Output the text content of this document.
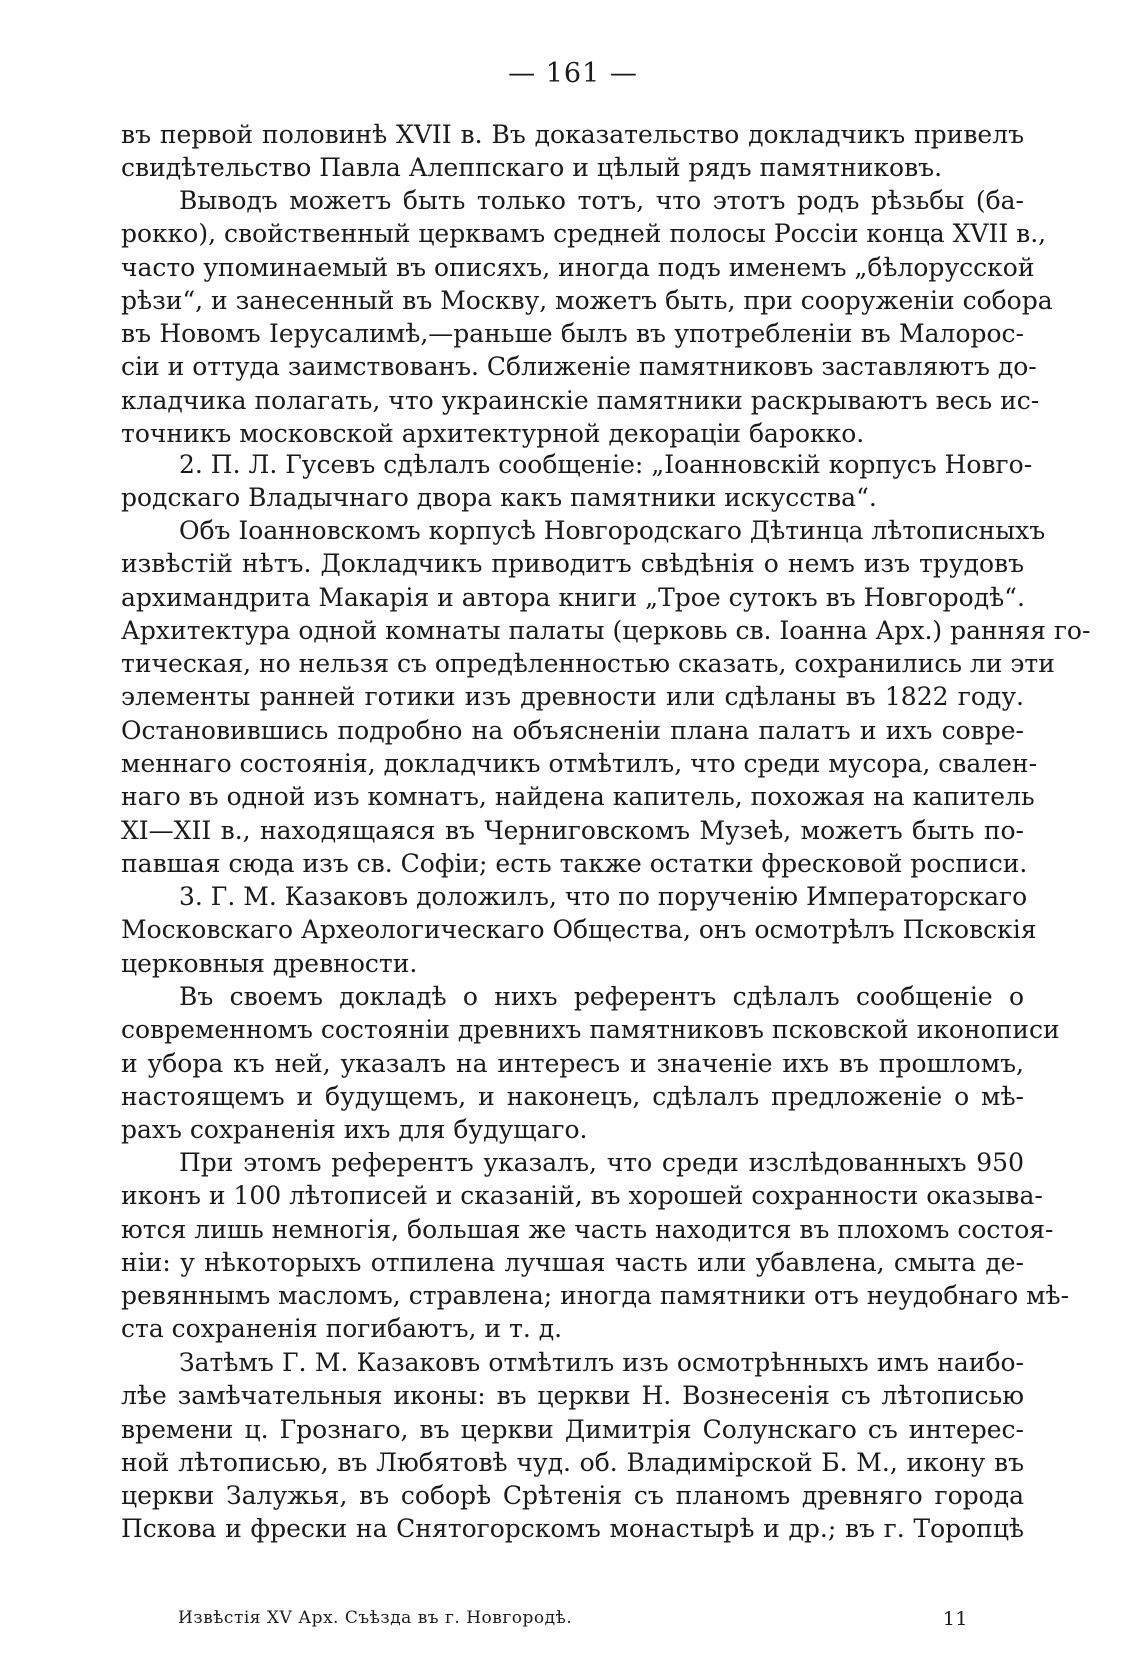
— 161 —
въ первой половинѣ XVII в. Въ доказательство докладчикъ привелъ
свидѣтельство Павла Алеппскаго и цѣлый рядъ памятниковъ.
Выводъ можетъ быть только тотъ, что этотъ родъ рѣзьбы (ба-
рокко), свойственный церквамъ средней полосы Россіи конца XVII в.,
часто упоминаемый въ описяхъ, иногда подъ именемъ „бѣлорусской
рѣзи“, и занесенный въ Москву, можетъ быть, при сооруженіи собора
въ Новомъ Іерусалимѣ,—раньше былъ въ употребленіи въ Малорос-
сіи и оттуда заимствованъ. Сближеніе памятниковъ заставляютъ до-
кладчика полагать, что украинскіе памятники раскрываютъ весь ис-
точникъ московской архитектурной декораціи барокко.
2. П. Л. Гусевъ сдѣлалъ сообщеніе: „Іоанновскій корпусъ Новго-
родскаго Владычнаго двора какъ памятники искусства“.
Объ Іоанновскомъ корпусѣ Новгородскаго Дѣтинца лѣтописныхъ
извѣстій нѣтъ. Докладчикъ приводитъ свѣдѣнія о немъ изъ трудовъ
архимандрита Макарія и автора книги „Трое сутокъ въ Новгородѣ“.
Архитектура одной комнаты палаты (церковь св. Іоанна Арх.) ранняя го-
тическая, но нельзя съ опредѣленностью сказать, сохранились ли эти
элементы ранней готики изъ древности или сдѣланы въ 1822 году.
Остановившись подробно на объясненіи плана палатъ и ихъ совре-
меннаго состоянія, докладчикъ отмѣтилъ, что среди мусора, свален-
наго въ одной изъ комнатъ, найдена капитель, похожая на капитель
XI—XII в., находящаяся въ Черниговскомъ Музеѣ, можетъ быть по-
павшая сюда изъ св. Софіи; есть также остатки фресковой росписи.
3. Г. М. Казаковъ доложилъ, что по порученію Императорскаго
Московскаго Археологическаго Общества, онъ осмотрѣлъ Псковскія
церковныя древности.
Въ своемъ докладѣ о нихъ референтъ сдѣлалъ сообщеніе о
современномъ состояніи древнихъ памятниковъ псковской иконописи
и убора къ ней, указалъ на интересъ и значеніе ихъ въ прошломъ,
настоящемъ и будущемъ, и наконецъ, сдѣлалъ предложеніе о мѣ-
рахъ сохраненія ихъ для будущаго.
При этомъ референтъ указалъ, что среди изслѣдованныхъ 950
иконъ и 100 лѣтописей и сказаній, въ хорошей сохранности оказыва-
ются лишь немногія, большая же часть находится въ плохомъ состоя-
ніи: у нѣкоторыхъ отпилена лучшая часть или убавлена, смыта де-
ревяннымъ масломъ, стравлена; иногда памятники отъ неудобнаго мѣ-
ста сохраненія погибаютъ, и т. д.
Затѣмъ Г. М. Казаковъ отмѣтилъ изъ осмотрѣнныхъ имъ наибо-
лѣе замѣчательныя иконы: въ церкви Н. Вознесенія съ лѣтописью
времени ц. Грознаго, въ церкви Димитрія Солунскаго съ интерес-
ной лѣтописью, въ Любятовѣ чуд. об. Владимірской Б. М., икону въ
церкви Залужья, въ соборѣ Срѣтенія съ планомъ древняго города
Пскова и фрески на Снятогорскомъ монастырѣ и др.; въ г. Торопцѣ
Извѣстія XV Арх. Съѣзда въ г. Новгородѣ.	11
